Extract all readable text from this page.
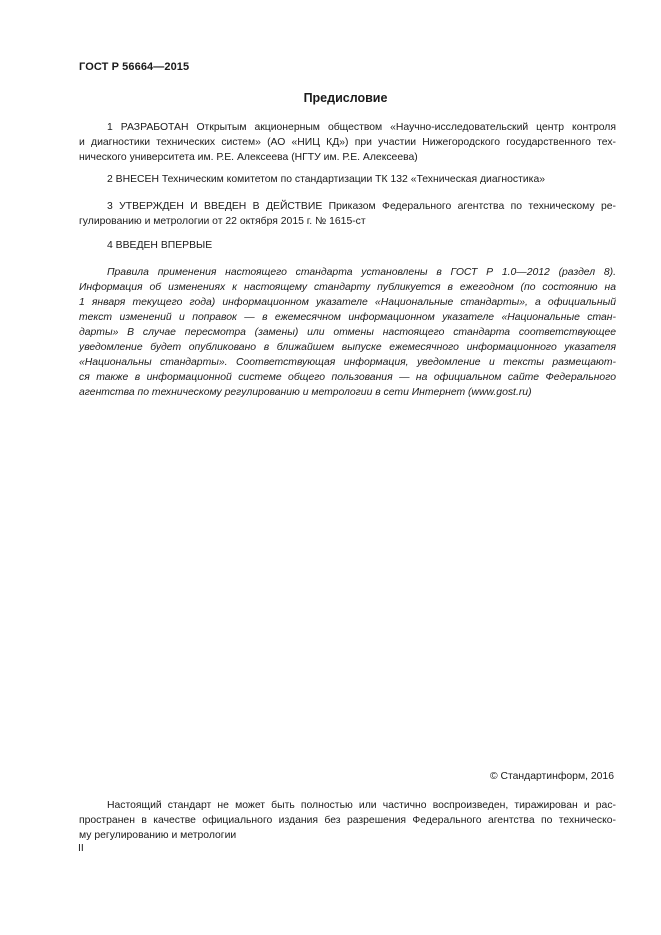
ГОСТ Р 56664—2015
Предисловие
1 РАЗРАБОТАН Открытым акционерным обществом «Научно-исследовательский центр контроля
и диагностики технических систем» (АО «НИЦ КД») при участии Нижегородского государственного тех-
нического университета им. Р.Е. Алексеева (НГТУ им. Р.Е. Алексеева)
2 ВНЕСЕН Техническим комитетом по стандартизации ТК 132 «Техническая диагностика»
3 УТВЕРЖДЕН И ВВЕДЕН В ДЕЙСТВИЕ Приказом Федерального агентства по техническому ре-
гулированию и метрологии от 22 октября 2015 г. № 1615-ст
4 ВВЕДЕН ВПЕРВЫЕ
Правила применения настоящего стандарта установлены в ГОСТ Р 1.0—2012 (раздел 8).
Информация об изменениях к настоящему стандарту публикуется в ежегодном (по состоянию на
1 января текущего года) информационном указателе «Национальные стандарты», а официальный
текст изменений и поправок — в ежемесячном информационном указателе «Национальные стан-
дарты» В случае пересмотра (замены) или отмены настоящего стандарта соответствующее
уведомление будет опубликовано в ближайшем выпуске ежемесячного информационного указателя
«Национальны стандарты». Соответствующая информация, уведомление и тексты размещают-
ся также в информационной системе общего пользования — на официальном сайте Федерального
агентства по техническому регулированию и метрологии в сети Интернет (www.gost.ru)
© Стандартинформ, 2016
Настоящий стандарт не может быть полностью или частично воспроизведен, тиражирован и рас-
пространен в качестве официального издания без разрешения Федерального агентства по техническо-
му регулированию и метрологии
II
